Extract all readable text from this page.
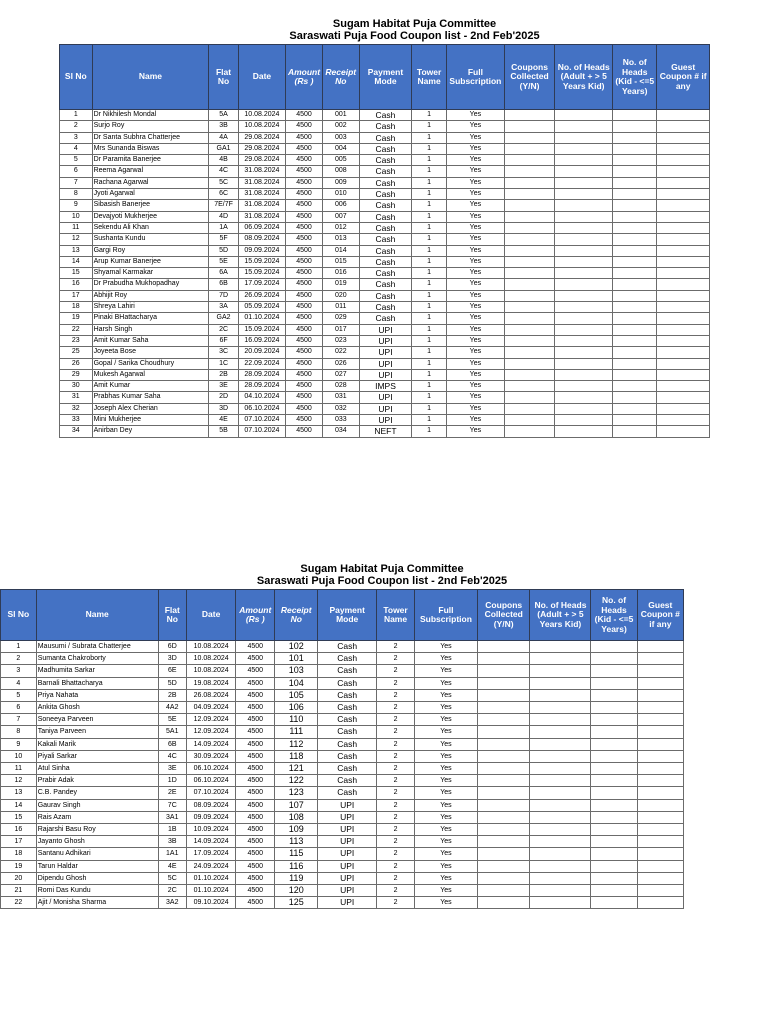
Sugam Habitat Puja Committee
Saraswati Puja Food Coupon list - 2nd Feb'2025
Sl No	Name	Flat No	Date	Amount (Rs )	Receipt No	Payment Mode	Tower Name	Full Subscription	Coupons Collected (Y/N)	No. of Heads (Adult + > 5 Years Kid)	No. of Heads (Kid - <=5 Years)	Guest Coupon # if any
1	Dr Nikhilesh Mondal	5A	10.08.2024	4500	001	Cash	1	Yes				
2	Surjo Roy	3B	10.08.2024	4500	002	Cash	1	Yes				
3	Dr Santa Subhra Chatterjee	4A	29.08.2024	4500	003	Cash	1	Yes				
4	Mrs Sunanda Biswas	GA1	29.08.2024	4500	004	Cash	1	Yes				
5	Dr Paramita Banerjee	4B	29.08.2024	4500	005	Cash	1	Yes				
6	Reema Agarwal	4C	31.08.2024	4500	008	Cash	1	Yes				
7	Rachana Agarwal	5C	31.08.2024	4500	009	Cash	1	Yes				
8	Jyoti Agarwal	6C	31.08.2024	4500	010	Cash	1	Yes				
9	Sibasish Banerjee	7E/7F	31.08.2024	4500	006	Cash	1	Yes				
10	Devajyoti Mukherjee	4D	31.08.2024	4500	007	Cash	1	Yes				
11	Sekendu Ali Khan	1A	06.09.2024	4500	012	Cash	1	Yes				
12	Sushanta Kundu	5F	08.09.2024	4500	013	Cash	1	Yes				
13	Gargi Roy	5D	09.09.2024	4500	014	Cash	1	Yes				
14	Arup Kumar Banerjee	5E	15.09.2024	4500	015	Cash	1	Yes				
15	Shyamal Karmakar	6A	15.09.2024	4500	016	Cash	1	Yes				
16	Dr Prabudha Mukhopadhay	6B	17.09.2024	4500	019	Cash	1	Yes				
17	Abhijit Roy	7D	26.09.2024	4500	020	Cash	1	Yes				
18	Shreya Lahiri	3A	05.09.2024	4500	011	Cash	1	Yes				
19	Pinaki BHattacharya	GA2	01.10.2024	4500	029	Cash	1	Yes				
22	Harsh Singh	2C	15.09.2024	4500	017	UPI	1	Yes				
23	Amit Kumar Saha	6F	16.09.2024	4500	023	UPI	1	Yes				
25	Joyeeta Bose	3C	20.09.2024	4500	022	UPI	1	Yes				
26	Gopal / Sarika Choudhury	1C	22.09.2024	4500	026	UPI	1	Yes				
29	Mukesh Agarwal	2B	28.09.2024	4500	027	UPI	1	Yes				
30	Amit Kumar	3E	28.09.2024	4500	028	IMPS	1	Yes				
31	Prabhas Kumar Saha	2D	04.10.2024	4500	031	UPI	1	Yes				
32	Joseph Alex Cherian	3D	06.10.2024	4500	032	UPI	1	Yes				
33	Mini Mukherjee	4E	07.10.2024	4500	033	UPI	1	Yes				
34	Anirban Dey	5B	07.10.2024	4500	034	NEFT	1	Yes				
Sugam Habitat Puja Committee
Saraswati Puja Food Coupon list - 2nd Feb'2025
Sl No	Name	Flat No	Date	Amount (Rs )	Receipt No	Payment Mode	Tower Name	Full Subscription	Coupons Collected (Y/N)	No. of Heads (Adult + > 5 Years Kid)	No. of Heads (Kid - <=5 Years)	Guest Coupon # if any
1	Mausumi / Subrata Chatterjee	6D	10.08.2024	4500	102	Cash	2	Yes				
2	Sumanta Chakroborty	3D	10.08.2024	4500	101	Cash	2	Yes				
3	Madhumita Sarkar	6E	10.08.2024	4500	103	Cash	2	Yes				
4	Barnali Bhattacharya	5D	19.08.2024	4500	104	Cash	2	Yes				
5	Priya Nahata	2B	26.08.2024	4500	105	Cash	2	Yes				
6	Ankita Ghosh	4A2	04.09.2024	4500	106	Cash	2	Yes				
7	Soneeya Parveen	5E	12.09.2024	4500	110	Cash	2	Yes				
8	Taniya Parveen	5A1	12.09.2024	4500	111	Cash	2	Yes				
9	Kakali Marik	6B	14.09.2024	4500	112	Cash	2	Yes				
10	Piyali Sarkar	4C	30.09.2024	4500	118	Cash	2	Yes				
11	Atul Sinha	3E	06.10.2024	4500	121	Cash	2	Yes				
12	Prabir Adak	1D	06.10.2024	4500	122	Cash	2	Yes				
13	C.B. Pandey	2E	07.10.2024	4500	123	Cash	2	Yes				
14	Gaurav Singh	7C	08.09.2024	4500	107	UPI	2	Yes				
15	Rais Azam	3A1	09.09.2024	4500	108	UPI	2	Yes				
16	Rajarshi Basu Roy	1B	10.09.2024	4500	109	UPI	2	Yes				
17	Jayanto Ghosh	3B	14.09.2024	4500	113	UPI	2	Yes				
18	Santanu Adhikari	1A1	17.09.2024	4500	115	UPI	2	Yes				
19	Tarun Haldar	4E	24.09.2024	4500	116	UPI	2	Yes				
20	Dipendu Ghosh	5C	01.10.2024	4500	119	UPI	2	Yes				
21	Romi Das Kundu	2C	01.10.2024	4500	120	UPI	2	Yes				
22	Ajit / Monisha Sharma	3A2	09.10.2024	4500	125	UPI	2	Yes				
